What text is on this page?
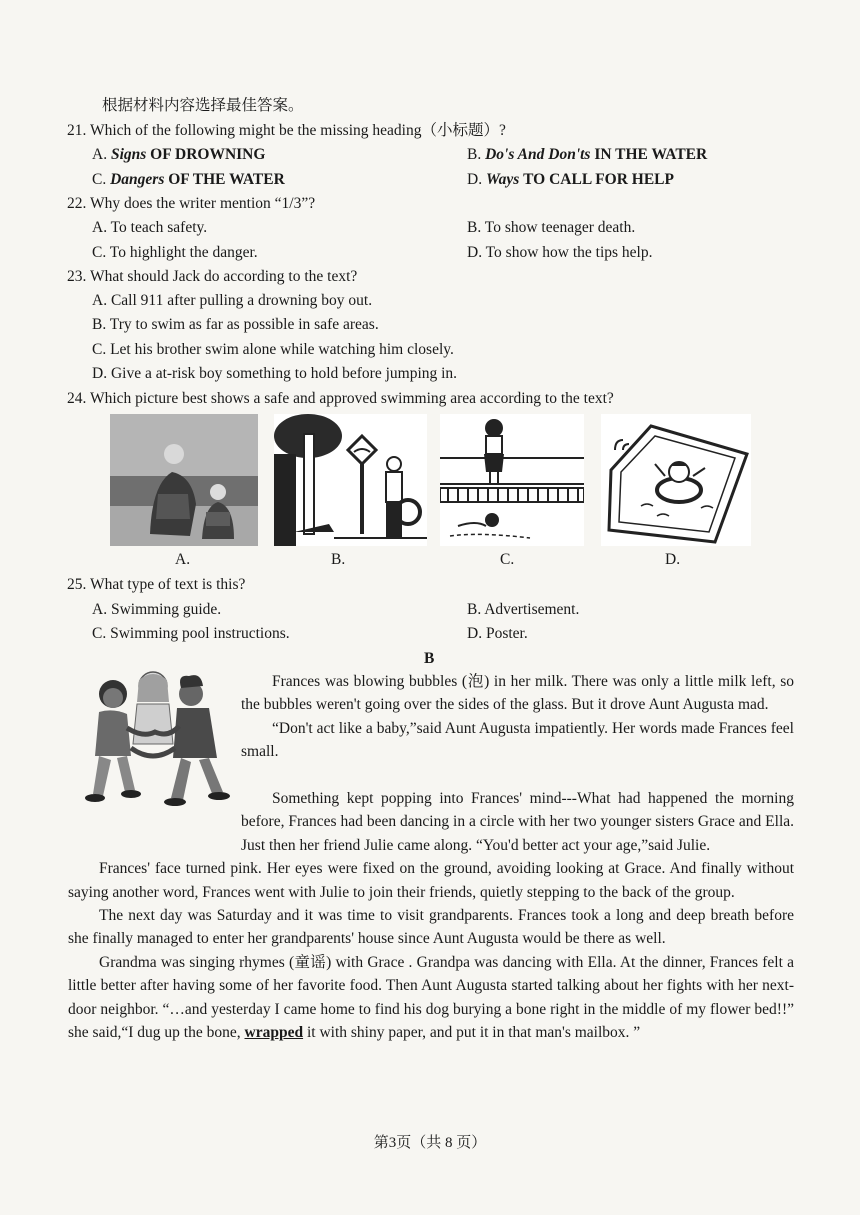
根据材料内容选择最佳答案。
21. Which of the following might be the missing heading（小标题）?
A. Signs OF DROWNING	B. Do's And Don'ts IN THE WATER
C. Dangers OF THE WATER	D. Ways TO CALL FOR HELP
22. Why does the writer mention “1/3”?
A. To teach safety.	B. To show teenager death.
C. To highlight the danger.	D. To show how the tips help.
23. What should Jack do according to the text?
A. Call 911 after pulling a drowning boy out.
B. Try to swim as far as possible in safe areas.
C. Let his brother swim alone while watching him closely.
D. Give a at-risk boy something to hold before jumping in.
24. Which picture best shows a safe and approved swimming area according to the text?
A.	B.	C.	D.
25. What type of text is this?
A. Swimming guide.	B. Advertisement.
C. Swimming pool instructions.	D. Poster.
B

Frances was blowing bubbles (泡) in her milk. There was only a little milk left, so the bubbles weren't going over the sides of the glass. But it drove Aunt Augusta mad.

“Don't act like a baby,”said Aunt Augusta impatiently. Her words made Frances feel small.

Something kept popping into Frances' mind---What had happened the morning before, Frances had been dancing in a circle with her two younger sisters Grace and Ella. Just then her friend Julie came along. “You'd better act your age,”said Julie.

Frances' face turned pink. Her eyes were fixed on the ground, avoiding looking at Grace. And finally without saying another word, Frances went with Julie to join their friends, quietly stepping to the back of the group.

The next day was Saturday and it was time to visit grandparents. Frances took a long and deep breath before she finally managed to enter her grandparents' house since Aunt Augusta would be there as well.

Grandma was singing rhymes (童谣) with Grace . Grandpa was dancing with Ella. At the dinner, Frances felt a little better after having some of her favorite food. Then Aunt Augusta started talking about her fights with her next-door neighbor. “…and yesterday I came home to find his dog burying a bone right in the middle of my flower bed!!” she said,“I dug up the bone, wrapped it with shiny paper, and put it in that man's mailbox. ”

第3页（共 8 页）
